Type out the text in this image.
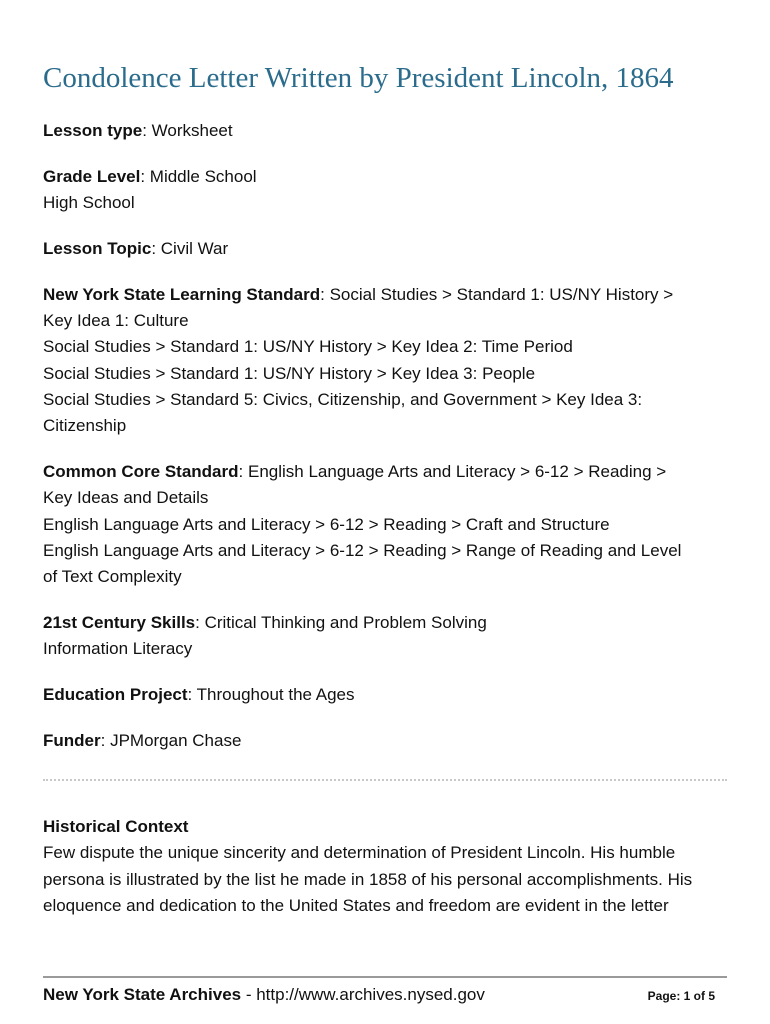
Condolence Letter Written by President Lincoln, 1864
Lesson type: Worksheet
Grade Level: Middle School
High School
Lesson Topic: Civil War
New York State Learning Standard: Social Studies > Standard 1: US/NY History >
Key Idea 1: Culture
Social Studies > Standard 1: US/NY History > Key Idea 2: Time Period
Social Studies > Standard 1: US/NY History > Key Idea 3: People
Social Studies > Standard 5: Civics, Citizenship, and Government > Key Idea 3:
Citizenship
Common Core Standard: English Language Arts and Literacy > 6-12 > Reading >
Key Ideas and Details
English Language Arts and Literacy > 6-12 > Reading > Craft and Structure
English Language Arts and Literacy > 6-12 > Reading > Range of Reading and Level
of Text Complexity
21st Century Skills: Critical Thinking and Problem Solving
Information Literacy
Education Project: Throughout the Ages
Funder: JPMorgan Chase
Historical Context
Few dispute the unique sincerity and determination of President Lincoln. His humble
persona is illustrated by the list he made in 1858 of his personal accomplishments. His
eloquence and dedication to the United States and freedom are evident in the letter
New York State Archives - http://www.archives.nysed.gov	Page: 1 of 5
